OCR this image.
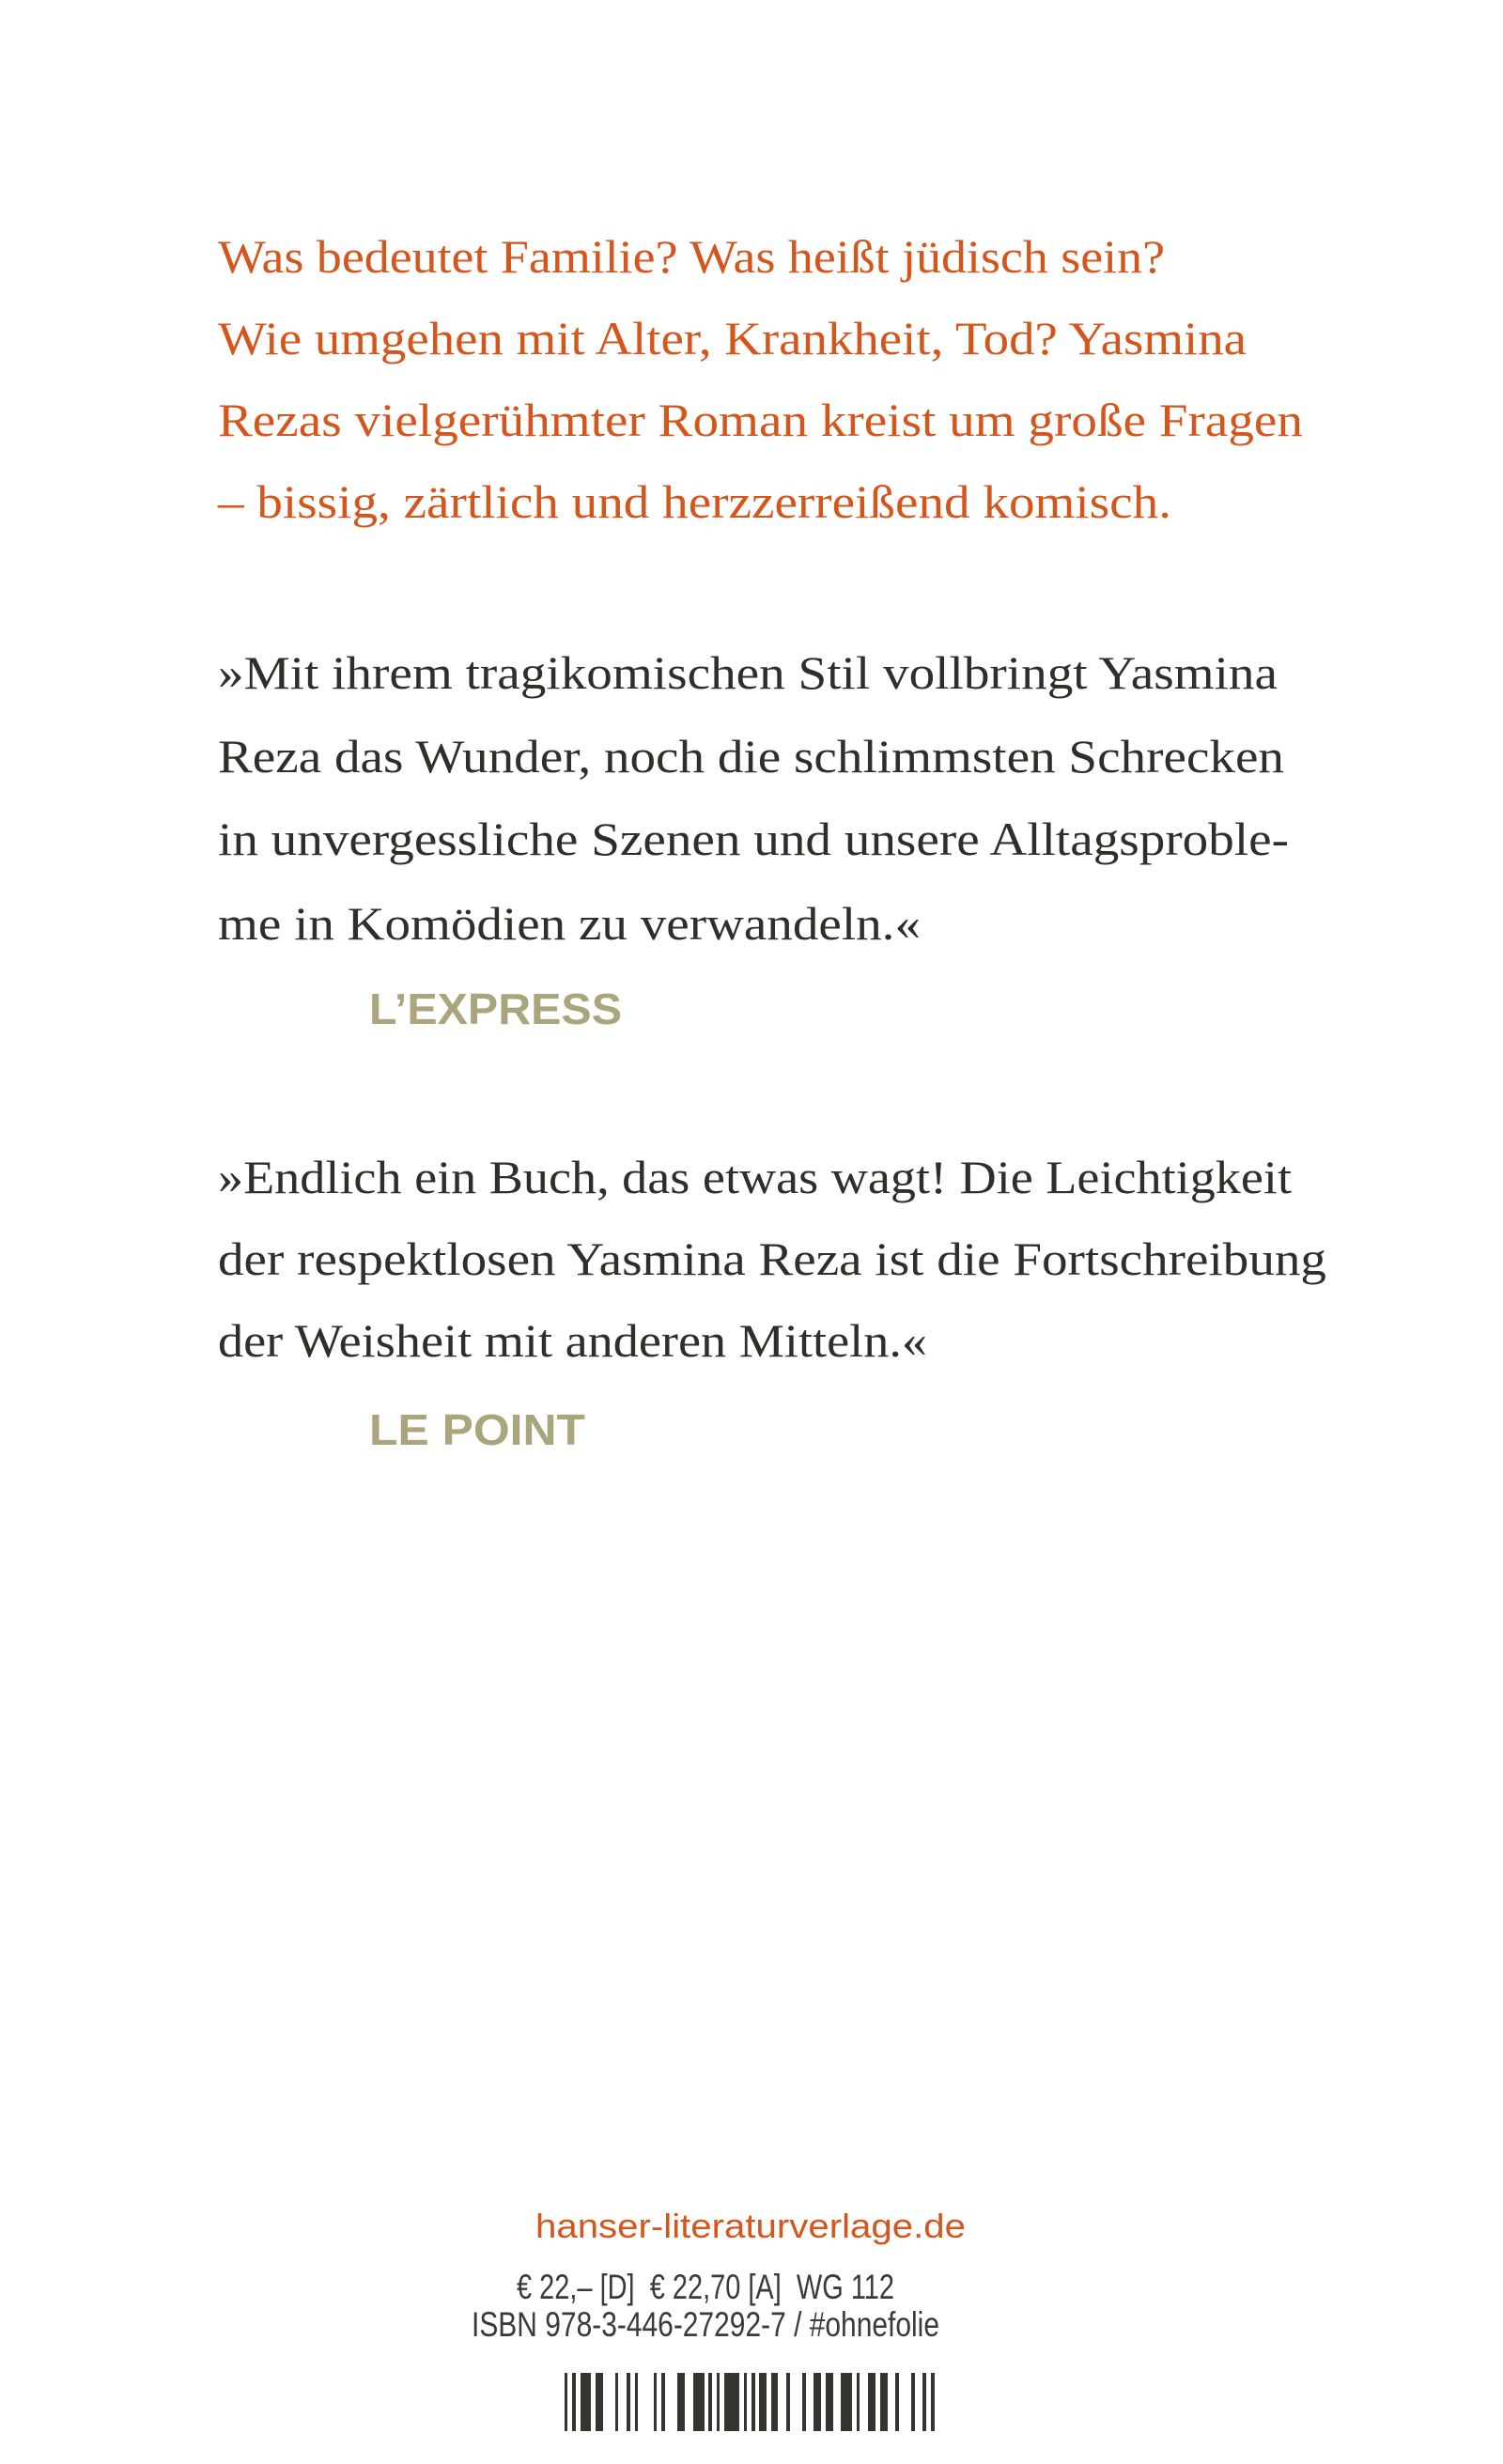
Was bedeutet Familie? Was heißt jüdisch sein?
Wie umgehen mit Alter, Krankheit, Tod? Yasmina
Rezas vielgerühmter Roman kreist um große Fragen
– bissig, zärtlich und herzzerreißend komisch.
»Mit ihrem tragikomischen Stil vollbringt Yasmina
Reza das Wunder, noch die schlimmsten Schrecken
in unvergessliche Szenen und unsere Alltagsproble-
me in Komödien zu verwandeln.«
L’EXPRESS
»Endlich ein Buch, das etwas wagt! Die Leichtigkeit
der respektlosen Yasmina Reza ist die Fortschreibung
der Weisheit mit anderen Mitteln.«
LE POINT
hanser-literaturverlage.de
€ 22,– [D]  € 22,70 [A]  WG 112
ISBN 978-3-446-27292-7 / #ohnefolie
